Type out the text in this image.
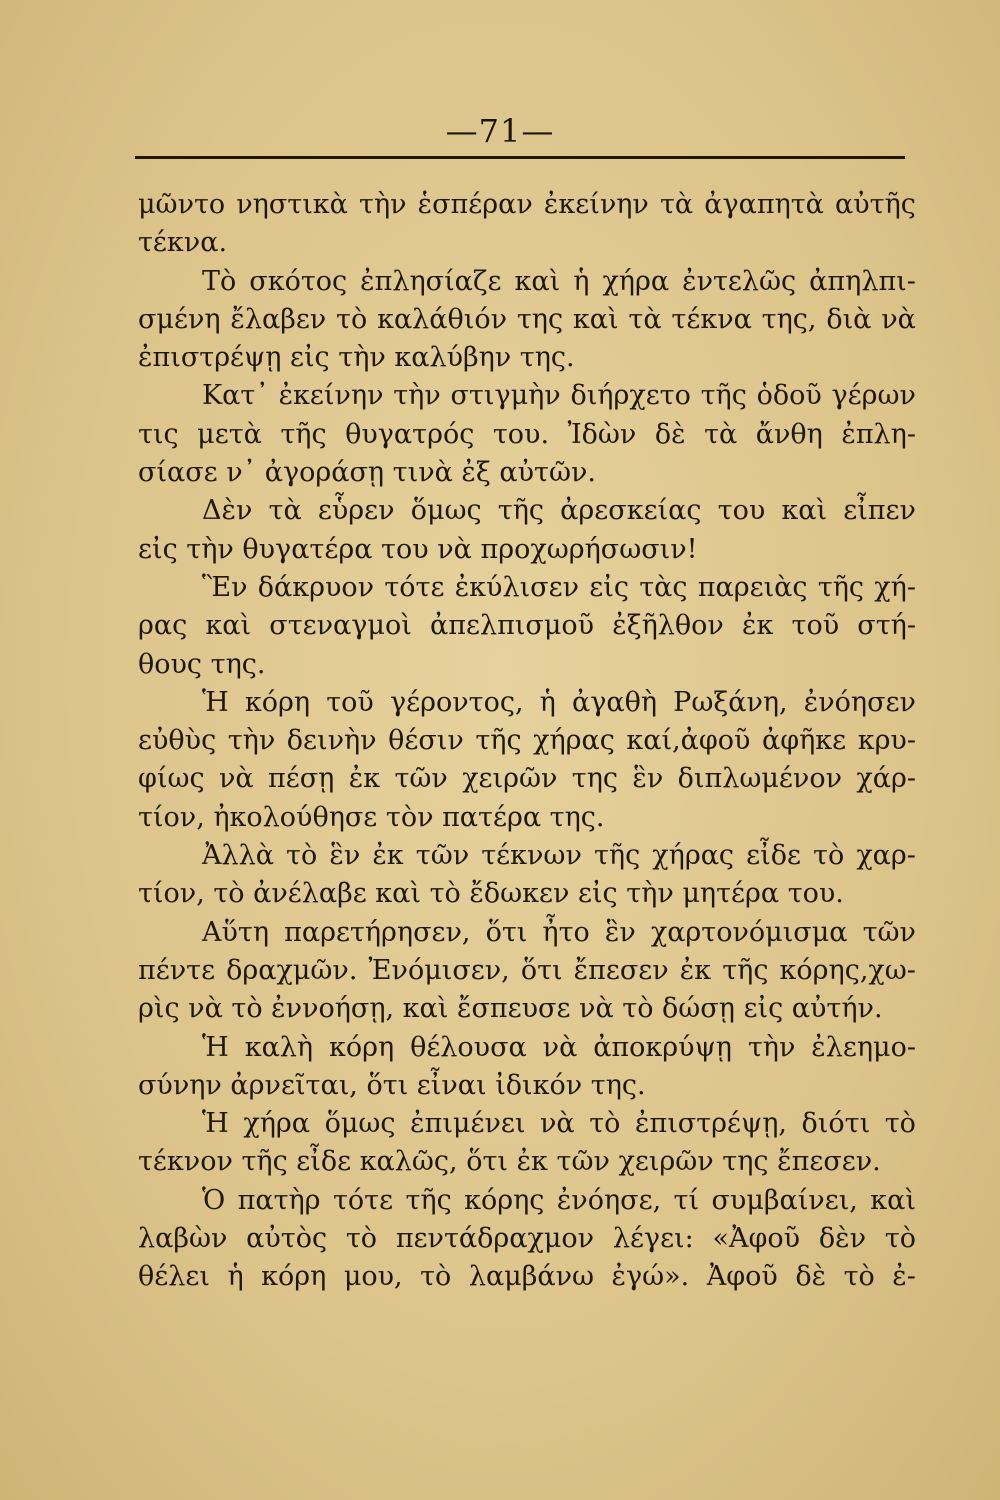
—71—
μῶντο νηστικὰ τὴν ἑσπέραν ἐκείνην τὰ ἀγαπητὰ αὐτῆς
τέκνα.
Τὸ σκότος ἐπλησίαζε καὶ ἡ χήρα ἐντελῶς ἀπηλπι-
σμένη ἔλαβεν τὸ καλάθιόν της καὶ τὰ τέκνα της, διὰ νὰ
ἐπιστρέψῃ εἰς τὴν καλύβην της.
Κατ᾽ ἐκείνην τὴν στιγμὴν διήρχετο τῆς ὁδοῦ γέρων
τις μετὰ τῆς θυγατρός του. Ἰδὼν δὲ τὰ ἄνθη ἐπλη-
σίασε ν᾽ ἀγοράσῃ τινὰ ἐξ αὐτῶν.
Δὲν τὰ εὗρεν ὅμως τῆς ἀρεσκείας του καὶ εἶπεν
εἰς τὴν θυγατέρα του νὰ προχωρήσωσιν!
Ἓν δάκρυον τότε ἐκύλισεν εἰς τὰς παρειὰς τῆς χή-
ρας καὶ στεναγμοὶ ἀπελπισμοῦ ἐξῆλθον ἐκ τοῦ στή-
θους της.
Ἡ κόρη τοῦ γέροντος, ἡ ἀγαθὴ Ρωξάνη, ἐνόησεν
εὐθὺς τὴν δεινὴν θέσιν τῆς χήρας καί,ἀφοῦ ἀφῆκε κρυ-
φίως νὰ πέσῃ ἐκ τῶν χειρῶν της ἓν διπλωμένον χάρ-
τίον, ἠκολούθησε τὸν πατέρα της.
Ἀλλὰ τὸ ἓν ἐκ τῶν τέκνων τῆς χήρας εἶδε τὸ χαρ-
τίον, τὸ ἀνέλαβε καὶ τὸ ἔδωκεν εἰς τὴν μητέρα του.
Αὕτη παρετήρησεν, ὅτι ἦτο ἓν χαρτονόμισμα τῶν
πέντε δραχμῶν. Ἐνόμισεν, ὅτι ἔπεσεν ἐκ τῆς κόρης,χω-
ρὶς νὰ τὸ ἐννοήσῃ, καὶ ἔσπευσε νὰ τὸ δώσῃ εἰς αὐτήν.
Ἡ καλὴ κόρη θέλουσα νὰ ἀποκρύψῃ τὴν ἐλεημο-
σύνην ἀρνεῖται, ὅτι εἶναι ἰδικόν της.
Ἡ χήρα ὅμως ἐπιμένει νὰ τὸ ἐπιστρέψῃ, διότι τὸ
τέκνον τῆς εἶδε καλῶς, ὅτι ἐκ τῶν χειρῶν της ἔπεσεν.
Ὁ πατὴρ τότε τῆς κόρης ἐνόησε, τί συμβαίνει, καὶ
λαβὼν αὐτὸς τὸ πεντάδραχμον λέγει: «Ἀφοῦ δὲν τὸ
θέλει ἡ κόρη μου, τὸ λαμβάνω ἐγώ». Ἀφοῦ δὲ τὸ ἐ-
